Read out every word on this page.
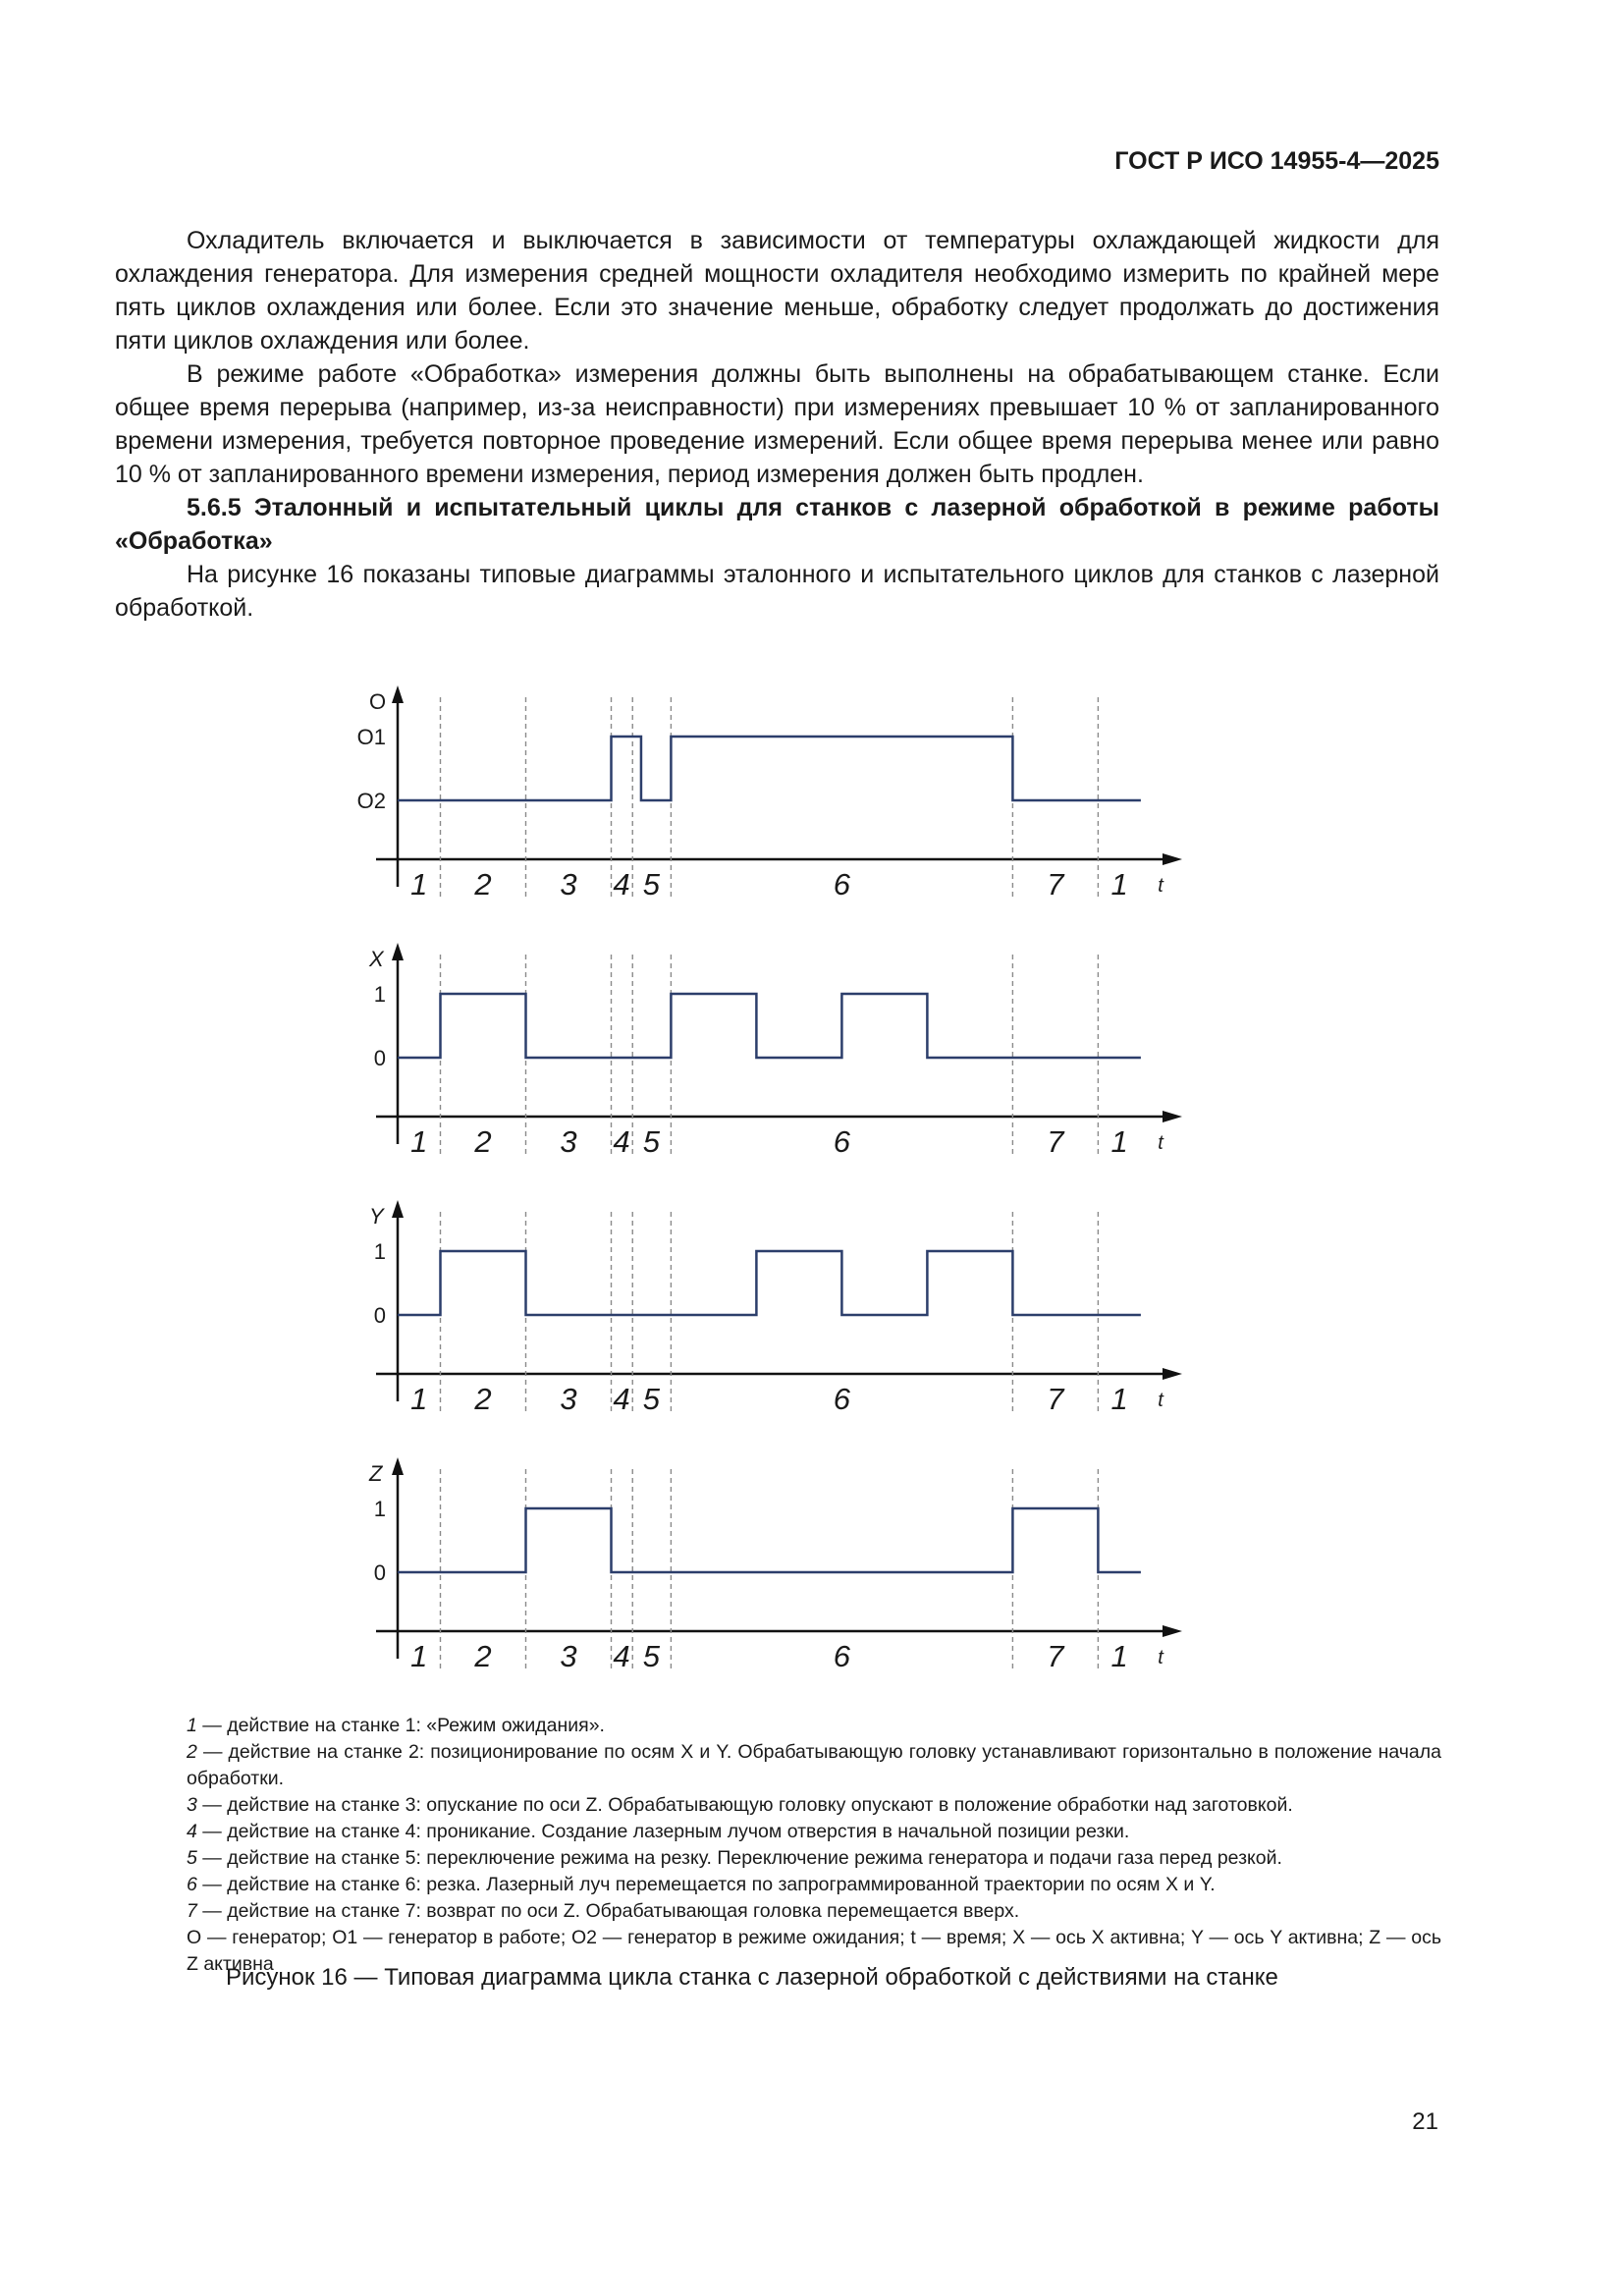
ГОСТ Р ИСО 14955-4—2025

Охладитель включается и выключается в зависимости от температуры охлаждающей жидкости для охлаждения генератора. Для измерения средней мощности охладителя необходимо измерить по крайней мере пять циклов охлаждения или более. Если это значение меньше, обработку следует продолжать до достижения пяти циклов охлаждения или более.

В режиме работе «Обработка» измерения должны быть выполнены на обрабатывающем станке. Если общее время перерыва (например, из-за неисправности) при измерениях превышает 10 % от запланированного времени измерения, требуется повторное проведение измерений. Если общее время перерыва менее или равно 10 % от запланированного времени измерения, период измерения должен быть продлен.

5.6.5 Эталонный и испытательный циклы для станков с лазерной обработкой в режиме работы «Обработка»

На рисунке 16 показаны типовые диаграммы эталонного и испытательного циклов для станков с лазерной обработкой.

O
O1
O2
t
1 2 3 4 5	6	7 1
X
1
0
t
1 2 3 4 5	6	7 1
Y
1
0
t
1 2 3 4 5	6	7 1
Z
1
0
t
1 2 3 4 5	6	7 1

1 — действие на станке 1: «Режим ожидания».

2 — действие на станке 2: позиционирование по осям X и Y. Обрабатывающую головку устанавливают горизонтально в положение начала обработки.

3 — действие на станке 3: опускание по оси Z. Обрабатывающую головку опускают в положение обработки над заготовкой.

4 — действие на станке 4: проникание. Создание лазерным лучом отверстия в начальной позиции резки.

5 — действие на станке 5: переключение режима на резку. Переключение режима генератора и подачи газа перед резкой.

6 — действие на станке 6: резка. Лазерный луч перемещается по запрограммированной траектории по осям X и Y.

7 — действие на станке 7: возврат по оси Z. Обрабатывающая головка перемещается вверх.

О — генератор; О1 — генератор в работе; О2 — генератор в режиме ожидания; t — время; X — ось X активна; Y — ось Y активна; Z — ось Z активна

Рисунок 16 — Типовая диаграмма цикла станка с лазерной обработкой с действиями на станке
21
